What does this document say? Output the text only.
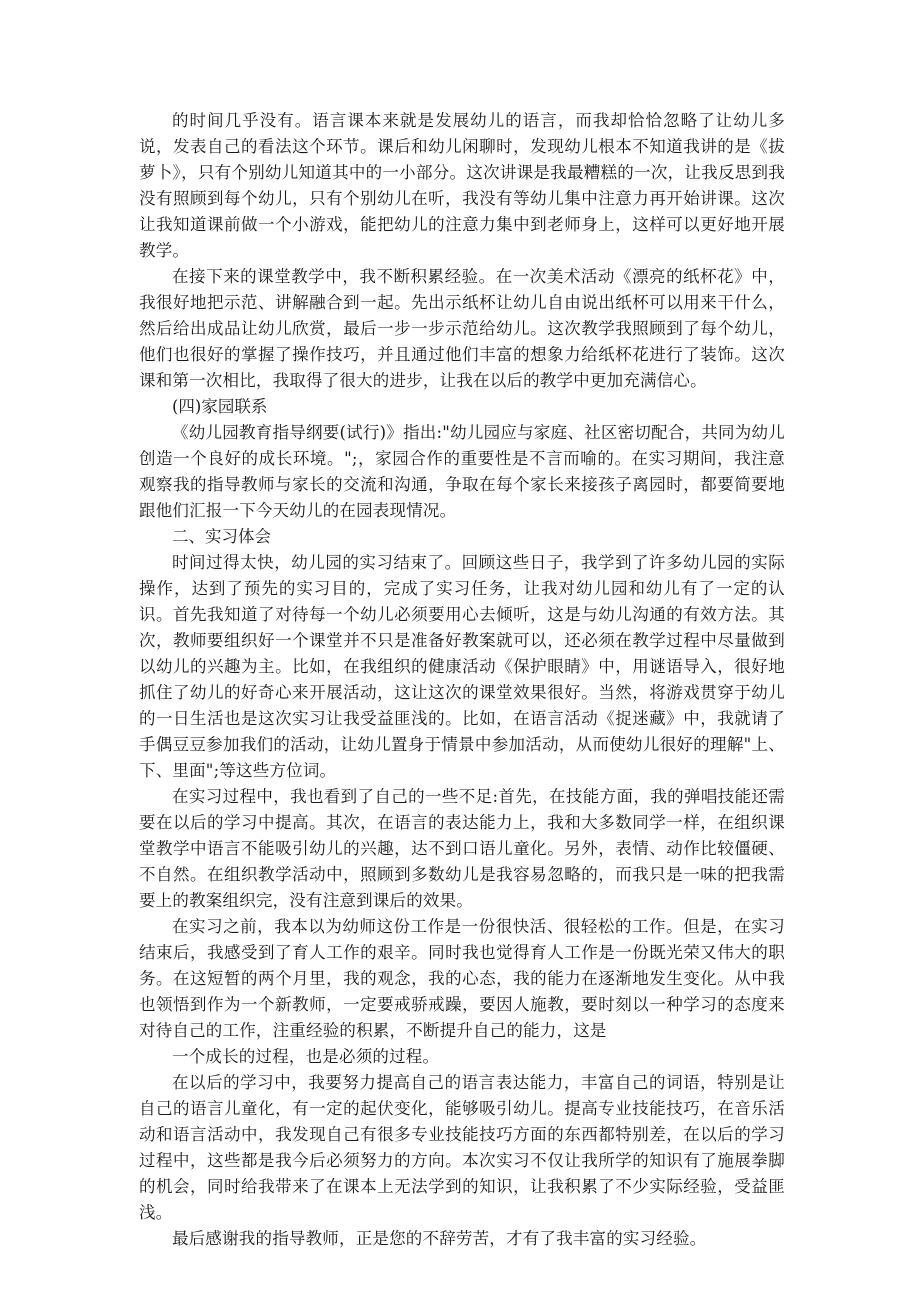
的时间几乎没有。语言课本来就是发展幼儿的语言，而我却恰恰忽略了让幼儿多说，发表自己的看法这个环节。课后和幼儿闲聊时，发现幼儿根本不知道我讲的是《拔萝卜》，只有个别幼儿知道其中的一小部分。这次讲课是我最糟糕的一次，让我反思到我没有照顾到每个幼儿，只有个别幼儿在听，我没有等幼儿集中注意力再开始讲课。这次让我知道课前做一个小游戏，能把幼儿的注意力集中到老师身上，这样可以更好地开展教学。

在接下来的课堂教学中，我不断积累经验。在一次美术活动《漂亮的纸杯花》中，我很好地把示范、讲解融合到一起。先出示纸杯让幼儿自由说出纸杯可以用来干什么，然后给出成品让幼儿欣赏，最后一步一步示范给幼儿。这次教学我照顾到了每个幼儿，他们也很好的掌握了操作技巧，并且通过他们丰富的想象力给纸杯花进行了装饰。这次课和第一次相比，我取得了很大的进步，让我在以后的教学中更加充满信心。

(四)家园联系

《幼儿园教育指导纲要(试行)》指出:"幼儿园应与家庭、社区密切配合，共同为幼儿创造一个良好的成长环境。";，家园合作的重要性是不言而喻的。在实习期间，我注意观察我的指导教师与家长的交流和沟通，争取在每个家长来接孩子离园时，都要简要地跟他们汇报一下今天幼儿的在园表现情况。

二、实习体会

时间过得太快，幼儿园的实习结束了。回顾这些日子，我学到了许多幼儿园的实际操作，达到了预先的实习目的，完成了实习任务，让我对幼儿园和幼儿有了一定的认识。首先我知道了对待每一个幼儿必须要用心去倾听，这是与幼儿沟通的有效方法。其次，教师要组织好一个课堂并不只是准备好教案就可以，还必须在教学过程中尽量做到以幼儿的兴趣为主。比如，在我组织的健康活动《保护眼睛》中，用谜语导入，很好地抓住了幼儿的好奇心来开展活动，这让这次的课堂效果很好。当然，将游戏贯穿于幼儿的一日生活也是这次实习让我受益匪浅的。比如，在语言活动《捉迷藏》中，我就请了手偶豆豆参加我们的活动，让幼儿置身于情景中参加活动，从而使幼儿很好的理解"上、下、里面";等这些方位词。

在实习过程中，我也看到了自己的一些不足:首先，在技能方面，我的弹唱技能还需要在以后的学习中提高。其次，在语言的表达能力上，我和大多数同学一样，在组织课堂教学中语言不能吸引幼儿的兴趣，达不到口语儿童化。另外，表情、动作比较僵硬、不自然。在组织教学活动中，照顾到多数幼儿是我容易忽略的，而我只是一味的把我需要上的教案组织完，没有注意到课后的效果。

在实习之前，我本以为幼师这份工作是一份很快活、很轻松的工作。但是，在实习结束后，我感受到了育人工作的艰辛。同时我也觉得育人工作是一份既光荣又伟大的职务。在这短暂的两个月里，我的观念，我的心态，我的能力在逐渐地发生变化。从中我也领悟到作为一个新教师，一定要戒骄戒躁，要因人施教，要时刻以一种学习的态度来对待自己的工作，注重经验的积累，不断提升自己的能力，这是

一个成长的过程，也是必须的过程。

在以后的学习中，我要努力提高自己的语言表达能力，丰富自己的词语，特别是让自己的语言儿童化，有一定的起伏变化，能够吸引幼儿。提高专业技能技巧，在音乐活动和语言活动中，我发现自己有很多专业技能技巧方面的东西都特别差，在以后的学习过程中，这些都是我今后必须努力的方向。本次实习不仅让我所学的知识有了施展拳脚的机会，同时给我带来了在课本上无法学到的知识，让我积累了不少实际经验，受益匪浅。

最后感谢我的指导教师，正是您的不辞劳苦，才有了我丰富的实习经验。
